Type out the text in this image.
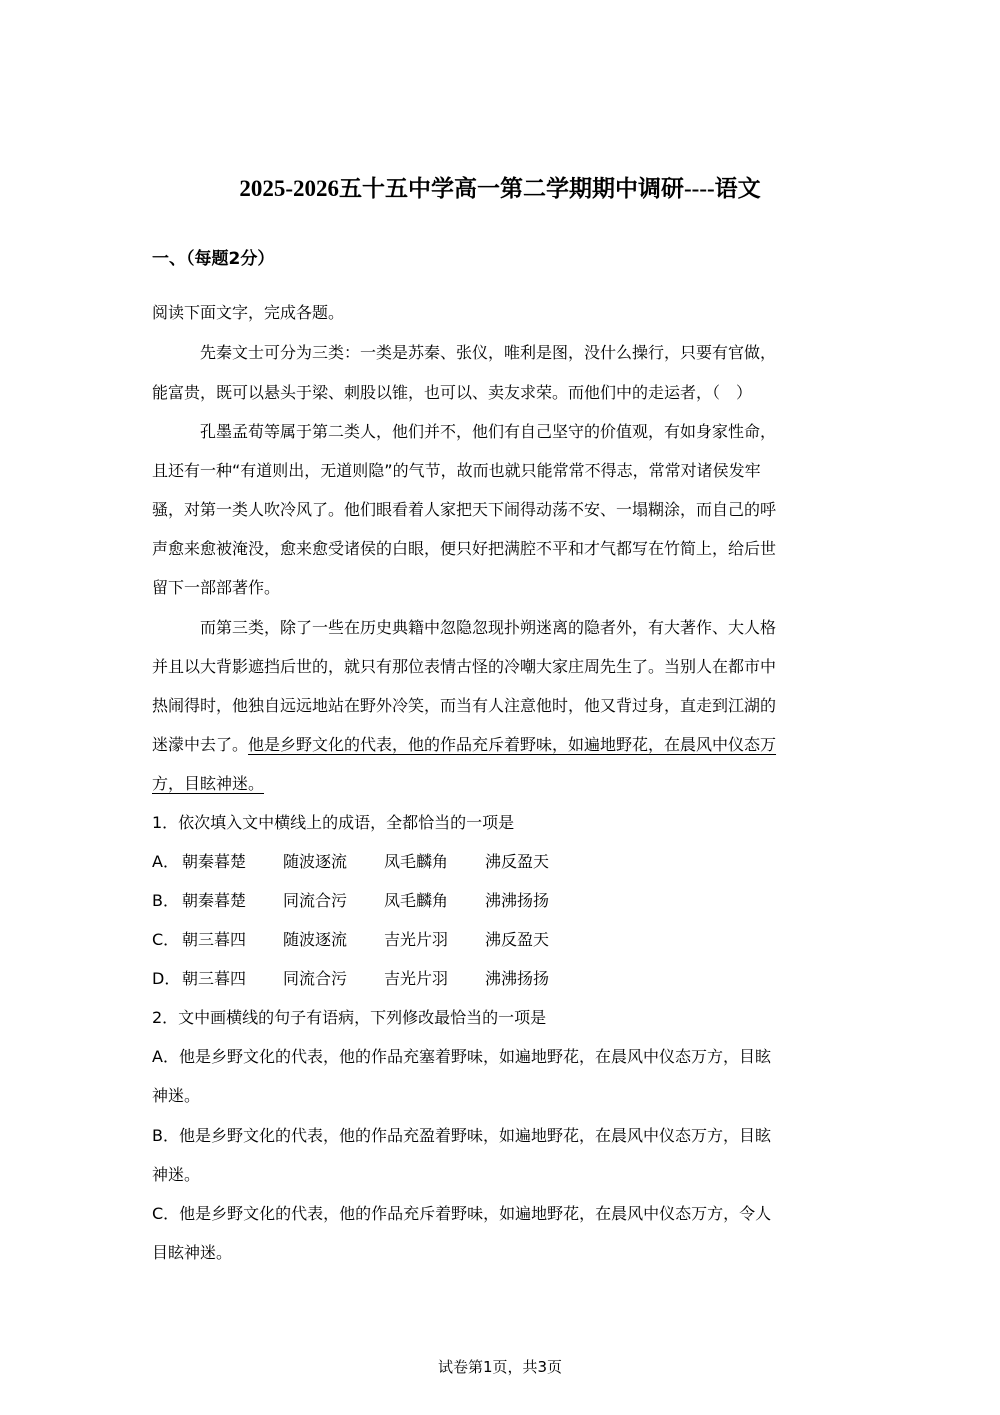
2025-2026五十五中学高一第二学期期中调研----语文
一、（每题2分）
阅读下面文字，完成各题。
先秦文士可分为三类：一类是苏秦、张仪，唯利是图，没什么操行，只要有官做，
能富贵，既可以悬头于梁、刺股以锥，也可以、卖友求荣。而他们中的走运者，（　）
孔墨孟荀等属于第二类人，他们并不，他们有自己坚守的价值观，有如身家性命，
且还有一种“有道则出，无道则隐”的气节，故而也就只能常常不得志，常常对诸侯发牢
骚，对第一类人吹冷风了。他们眼看着人家把天下闹得动荡不安、一塌糊涂，而自己的呼
声愈来愈被淹没，愈来愈受诸侯的白眼，便只好把满腔不平和才气都写在竹简上，给后世
留下一部部著作。
而第三类，除了一些在历史典籍中忽隐忽现扑朔迷离的隐者外，有大著作、大人格
并且以大背影遮挡后世的，就只有那位表情古怪的冷嘲大家庄周先生了。当别人在都市中
热闹得时，他独自远远地站在野外冷笑，而当有人注意他时，他又背过身，直走到江湖的
迷濛中去了。他是乡野文化的代表，他的作品充斥着野味，如遍地野花，在晨风中仪态万
方，目眩神迷。
1．依次填入文中横线上的成语，全都恰当的一项是
A． 朝秦暮楚 随波逐流 凤毛麟角 沸反盈天
B． 朝秦暮楚 同流合污 凤毛麟角 沸沸扬扬
C． 朝三暮四 随波逐流 吉光片羽 沸反盈天
D． 朝三暮四 同流合污 吉光片羽 沸沸扬扬
2．文中画横线的句子有语病，下列修改最恰当的一项是
A．他是乡野文化的代表，他的作品充塞着野味，如遍地野花，在晨风中仪态万方，目眩
神迷。
B．他是乡野文化的代表，他的作品充盈着野味，如遍地野花，在晨风中仪态万方，目眩
神迷。
C．他是乡野文化的代表，他的作品充斥着野味，如遍地野花，在晨风中仪态万方，令人
目眩神迷。
试卷第1页，共3页
